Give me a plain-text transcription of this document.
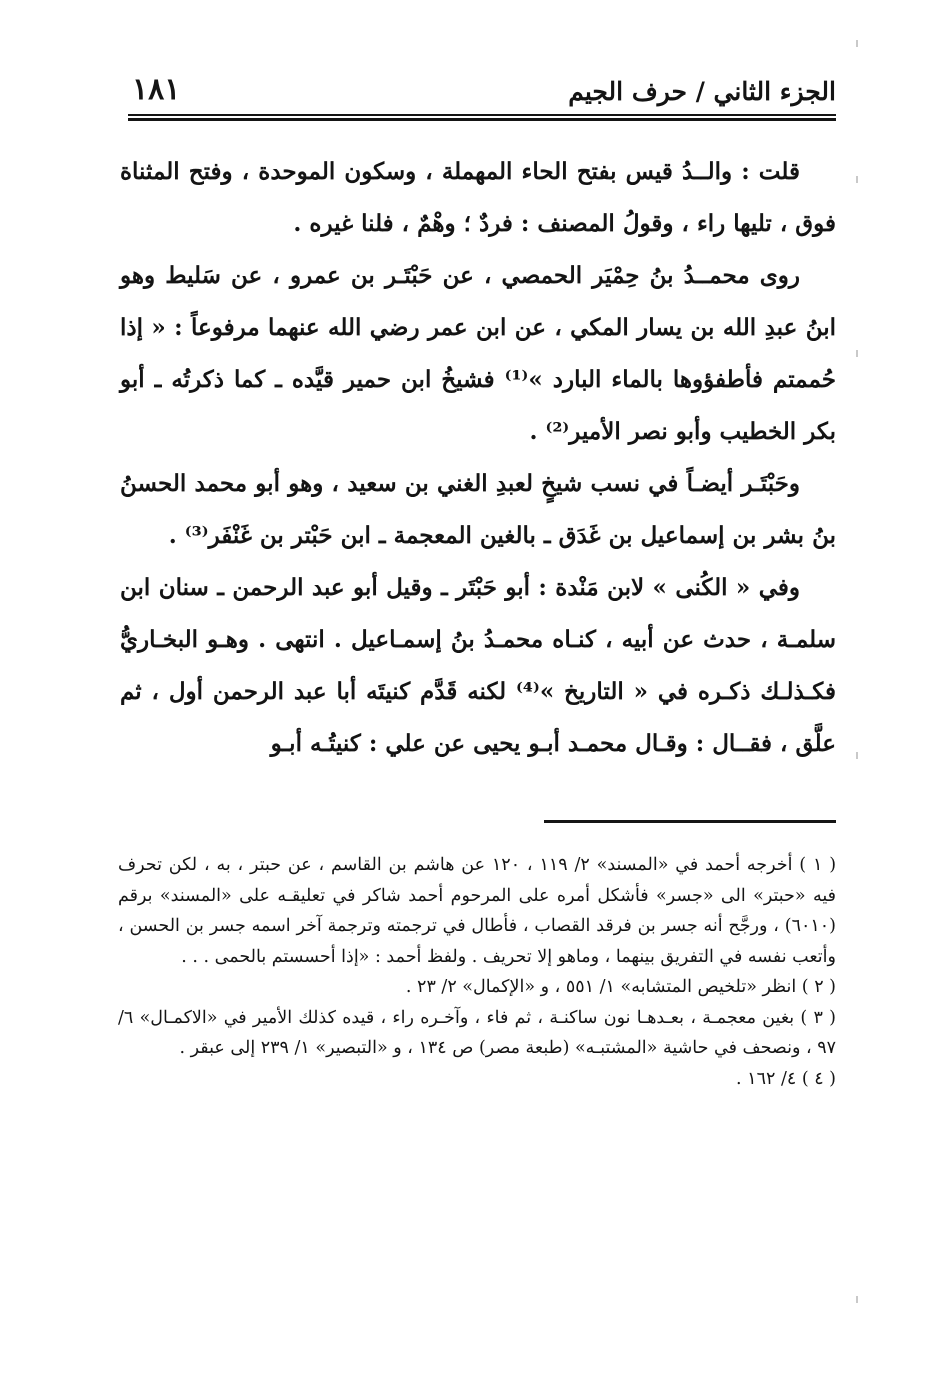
١٨١	الجزء الثاني / حرف الجيم

قلت : والــدُ قيس بفتح الحاء المهملة ، وسكون الموحدة ، وفتح المثناة فوق ، تليها راء ، وقولُ المصنف : فردٌ ؛ وهْمٌ ، فلنا غيره .

روى محمــدُ بنُ حِمْيَر الحمصي ، عن حَبْتَـر بن عمرو ، عن سَليط وهو ابنُ عبدِ الله بن يسار المكي ، عن ابن عمر رضي الله عنهما مرفوعاً : « إذا حُممتم فأطفؤوها بالماء البارد »⁽¹⁾ فشيخُ ابن حمير قيَّده ـ كما ذكرتُه ـ أبو بكر الخطيب وأبو نصر الأمير⁽²⁾ .

وحَبْتَـر أيضـاً في نسب شيخٍ لعبدِ الغني بن سعيد ، وهو أبو محمد الحسنُ بنُ بشر بن إسماعيل بن غَدَق ـ بالغين المعجمة ـ ابن حَبْتر بن غَنْفَر⁽³⁾ .

وفي « الكُنى » لابن مَنْدة : أبو حَبْتَر ـ وقيل أبو عبد الرحمن ـ سنان ابن سلمـة ، حدث عن أبيه ، كنـاه محمـدُ بنُ إسمـاعيل . انتهى . وهـو البخـاريُّ فكـذلـك ذكـره في « التاريخ »⁽⁴⁾ لكنه قَدَّم كنيتَه أبا عبد الرحمن أول ، ثم علَّق ، فقــال : وقـال محمـد أبـو يحيى عن علي : كنيتُـه أبـو

( ١ ) أخرجه أحمد في «المسند» ٢/ ١١٩ ، ١٢٠ عن هاشم بن القاسم ، عن حبتر ، به ، لكن تحرف فيه «حبتر» الى «جسر» فأشكل أمره على المرحوم أحمد شاكر في تعليقـه على «المسند» برقم (٦٠١٠) ، ورجَّح أنه جسر بن فرقد القصاب ، فأطال في ترجمته وترجمة آخر اسمه جسر بن الحسن ، وأتعب نفسه في التفريق بينهما ، وماهو إلا تحريف . ولفظ أحمد : «إذا أحسستم بالحمى . . .

( ٢ ) انظر «تلخيص المتشابه» ١/ ٥٥١ ، و «الإكمال» ٢/ ٢٣ .

( ٣ ) بغين معجمـة ، بعـدهـا نون ساكنـة ، ثم فاء ، وآخـره راء ، قيده كذلك الأمير في «الاكمـال» ٦/ ٩٧ ، ونصحف في حاشية «المشتبـه» (طبعة مصر) ص ١٣٤ ، و «التبصير» ١/ ٢٣٩ إلى عبقر .

( ٤ ) ٤/ ١٦٢ .
